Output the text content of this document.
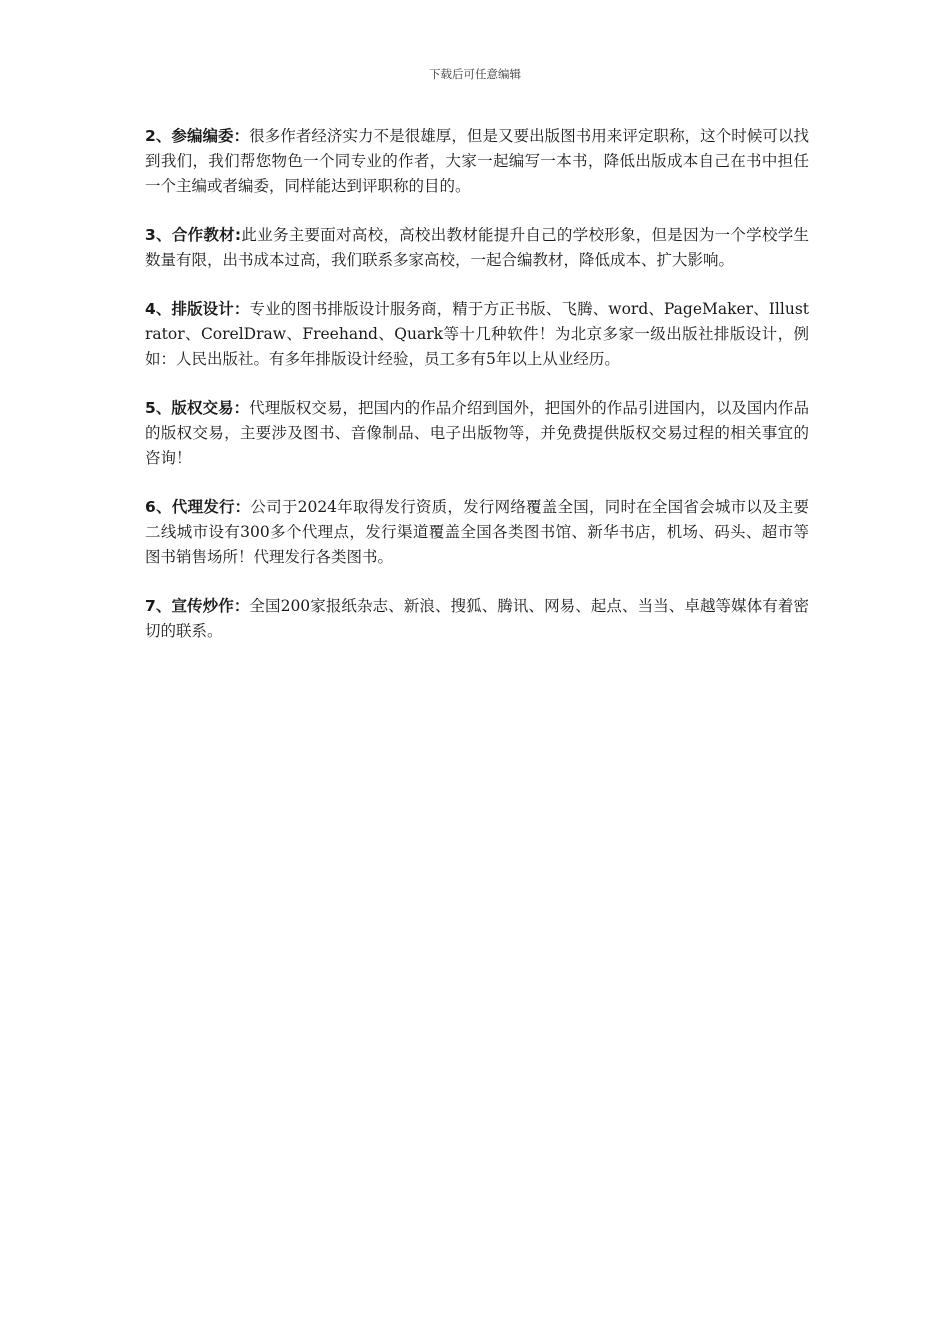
下载后可任意编辑

2、参编编委：很多作者经济实力不是很雄厚，但是又要出版图书用来评定职称，这个时候可以找到我们，我们帮您物色一个同专业的作者，大家一起编写一本书，降低出版成本自己在书中担任一个主编或者编委，同样能达到评职称的目的。

3、合作教材:此业务主要面对高校，高校出教材能提升自己的学校形象，但是因为一个学校学生数量有限，出书成本过高，我们联系多家高校，一起合编教材，降低成本、扩大影响。

4、排版设计：专业的图书排版设计服务商，精于方正书版、飞腾、word、PageMaker、Illustrator、CorelDraw、Freehand、Quark等十几种软件！为北京多家一级出版社排版设计，例如：人民出版社。有多年排版设计经验，员工多有5年以上从业经历。

5、版权交易：代理版权交易，把国内的作品介绍到国外，把国外的作品引进国内，以及国内作品的版权交易，主要涉及图书、音像制品、电子出版物等，并免费提供版权交易过程的相关事宜的咨询！

6、代理发行：公司于2024年取得发行资质，发行网络覆盖全国，同时在全国省会城市以及主要二线城市设有300多个代理点，发行渠道覆盖全国各类图书馆、新华书店，机场、码头、超市等图书销售场所！代理发行各类图书。

7、宣传炒作：全国200家报纸杂志、新浪、搜狐、腾讯、网易、起点、当当、卓越等媒体有着密切的联系。
